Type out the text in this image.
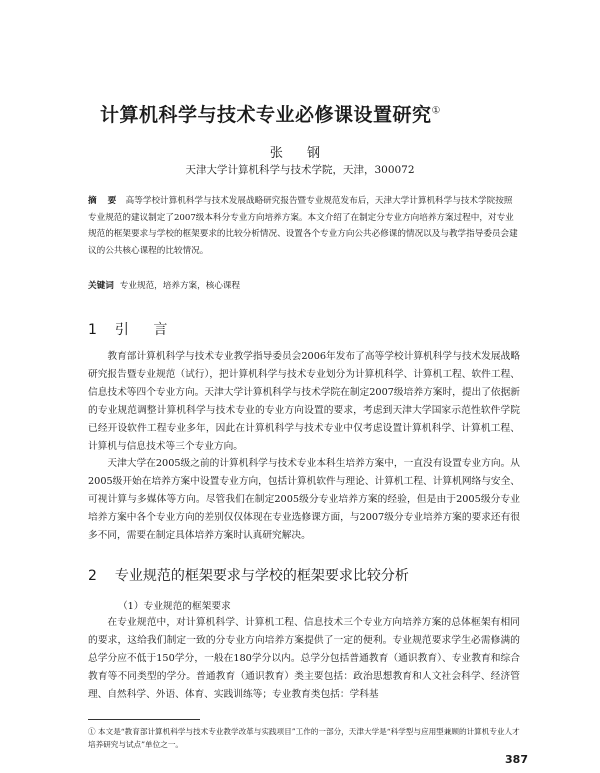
计算机科学与技术专业必修课设置研究①
张 钢
天津大学计算机科学与技术学院，天津，300072

摘 要 高等学校计算机科学与技术发展战略研究报告暨专业规范发布后，天津大学计算机科学与技术学院按照专业规范的建议制定了2007级本科分专业方向培养方案。本文介绍了在制定分专业方向培养方案过程中，对专业规范的框架要求与学校的框架要求的比较分析情况、设置各个专业方向公共必修课的情况以及与教学指导委员会建议的公共核心课程的比较情况。

关键词 专业规范，培养方案，核心课程
1 引 言

教育部计算机科学与技术专业教学指导委员会2006年发布了高等学校计算机科学与技术发展战略研究报告暨专业规范（试行），把计算机科学与技术专业划分为计算机科学、计算机工程、软件工程、信息技术等四个专业方向。天津大学计算机科学与技术学院在制定2007级培养方案时，提出了依据新的专业规范调整计算机科学与技术专业的专业方向设置的要求，考虑到天津大学国家示范性软件学院已经开设软件工程专业多年，因此在计算机科学与技术专业中仅考虑设置计算机科学、计算机工程、计算机与信息技术等三个专业方向。

天津大学在2005级之前的计算机科学与技术专业本科生培养方案中，一直没有设置专业方向。从2005级开始在培养方案中设置专业方向，包括计算机软件与理论、计算机工程、计算机网络与安全、可视计算与多媒体等方向。尽管我们在制定2005级分专业培养方案的经验，但是由于2005级分专业培养方案中各个专业方向的差别仅仅体现在专业选修课方面，与2007级分专业培养方案的要求还有很多不同，需要在制定具体培养方案时认真研究解决。

2 专业规范的框架要求与学校的框架要求比较分析
（1）专业规范的框架要求

在专业规范中，对计算机科学、计算机工程、信息技术三个专业方向培养方案的总体框架有相同的要求，这给我们制定一致的分专业方向培养方案提供了一定的便利。专业规范要求学生必需修满的总学分应不低于150学分，一般在180学分以内。总学分包括普通教育（通识教育）、专业教育和综合教育等不同类型的学分。普通教育（通识教育）类主要包括：政治思想教育和人文社会科学、经济管理、自然科学、外语、体育、实践训练等；专业教育类包括：学科基

① 本文是“教育部计算机科学与技术专业教学改革与实践项目”工作的一部分，天津大学是“科学型与应用型兼顾的计算机专业人才培养研究与试点”单位之一。
387
